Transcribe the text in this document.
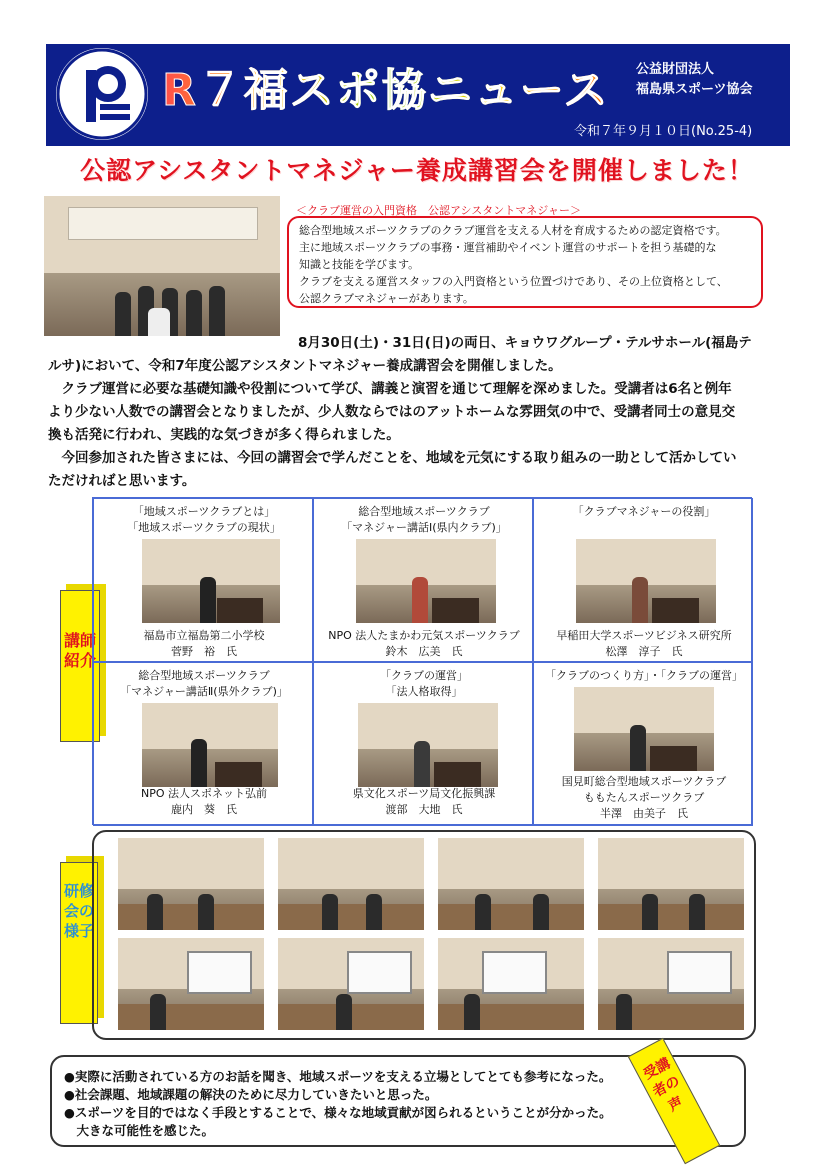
R７福スポ協ニュース 公益財団法人
福島県スポーツ協会
令和７年９月１０日(No.25-4)
公認アシスタントマネジャー養成講習会を開催しました！
＜クラブ運営の入門資格　公認アシスタントマネジャー＞
総合型地域スポーツクラブのクラブ運営を支える人材を育成するための認定資格です。
主に地域スポーツクラブの事務・運営補助やイベント運営のサポートを担う基礎的な
知識と技能を学びます。
クラブを支える運営スタッフの入門資格という位置づけであり、その上位資格として、
公認クラブマネジャーがあります。
8月30日(土)・31日(日)の両日、キョウワグループ・テルサホール(福島テ
ルサ)において、令和7年度公認アシスタントマネジャー養成講習会を開催しました。
　クラブ運営に必要な基礎知識や役割について学び、講義と演習を通じて理解を深めました。受講者は6名と例年
より少ない人数での講習会となりましたが、少人数ならではのアットホームな雰囲気の中で、受講者同士の意見交
換も活発に行われ、実践的な気づきが多く得られました。
　今回参加された皆さまには、今回の講習会で学んだことを、地域を元気にする取り組みの一助として活かしてい
ただければと思います。
講師紹介
「地域スポーツクラブとは」
「地域スポーツクラブの現状」
福島市立福島第二小学校
菅野　裕　氏
総合型地域スポーツクラブ
「マネジャー講話Ⅰ(県内クラブ)」
NPO 法人たまかわ元気スポーツクラブ
鈴木　広美　氏
「クラブマネジャーの役割」
早稲田大学スポーツビジネス研究所
松澤　淳子　氏
総合型地域スポーツクラブ
「マネジャー講話Ⅱ(県外クラブ)」
NPO 法人スポネット弘前
鹿内　葵　氏
「クラブの運営」
「法人格取得」
県文化スポーツ局文化振興課
渡部　大地　氏
「クラブのつくり方」・「クラブの運営」
国見町総合型地域スポーツクラブ
ももたんスポーツクラブ
半澤　由美子　氏
研修会の様子
●実際に活動されている方のお話を聞き、地域スポーツを支える立場としてとても参考になった。
●社会課題、地域課題の解決のために尽力していきたいと思った。
●スポーツを目的ではなく手段とすることで、様々な地域貢献が図られるということが分かった。
　大きな可能性を感じた。
受講者の声
